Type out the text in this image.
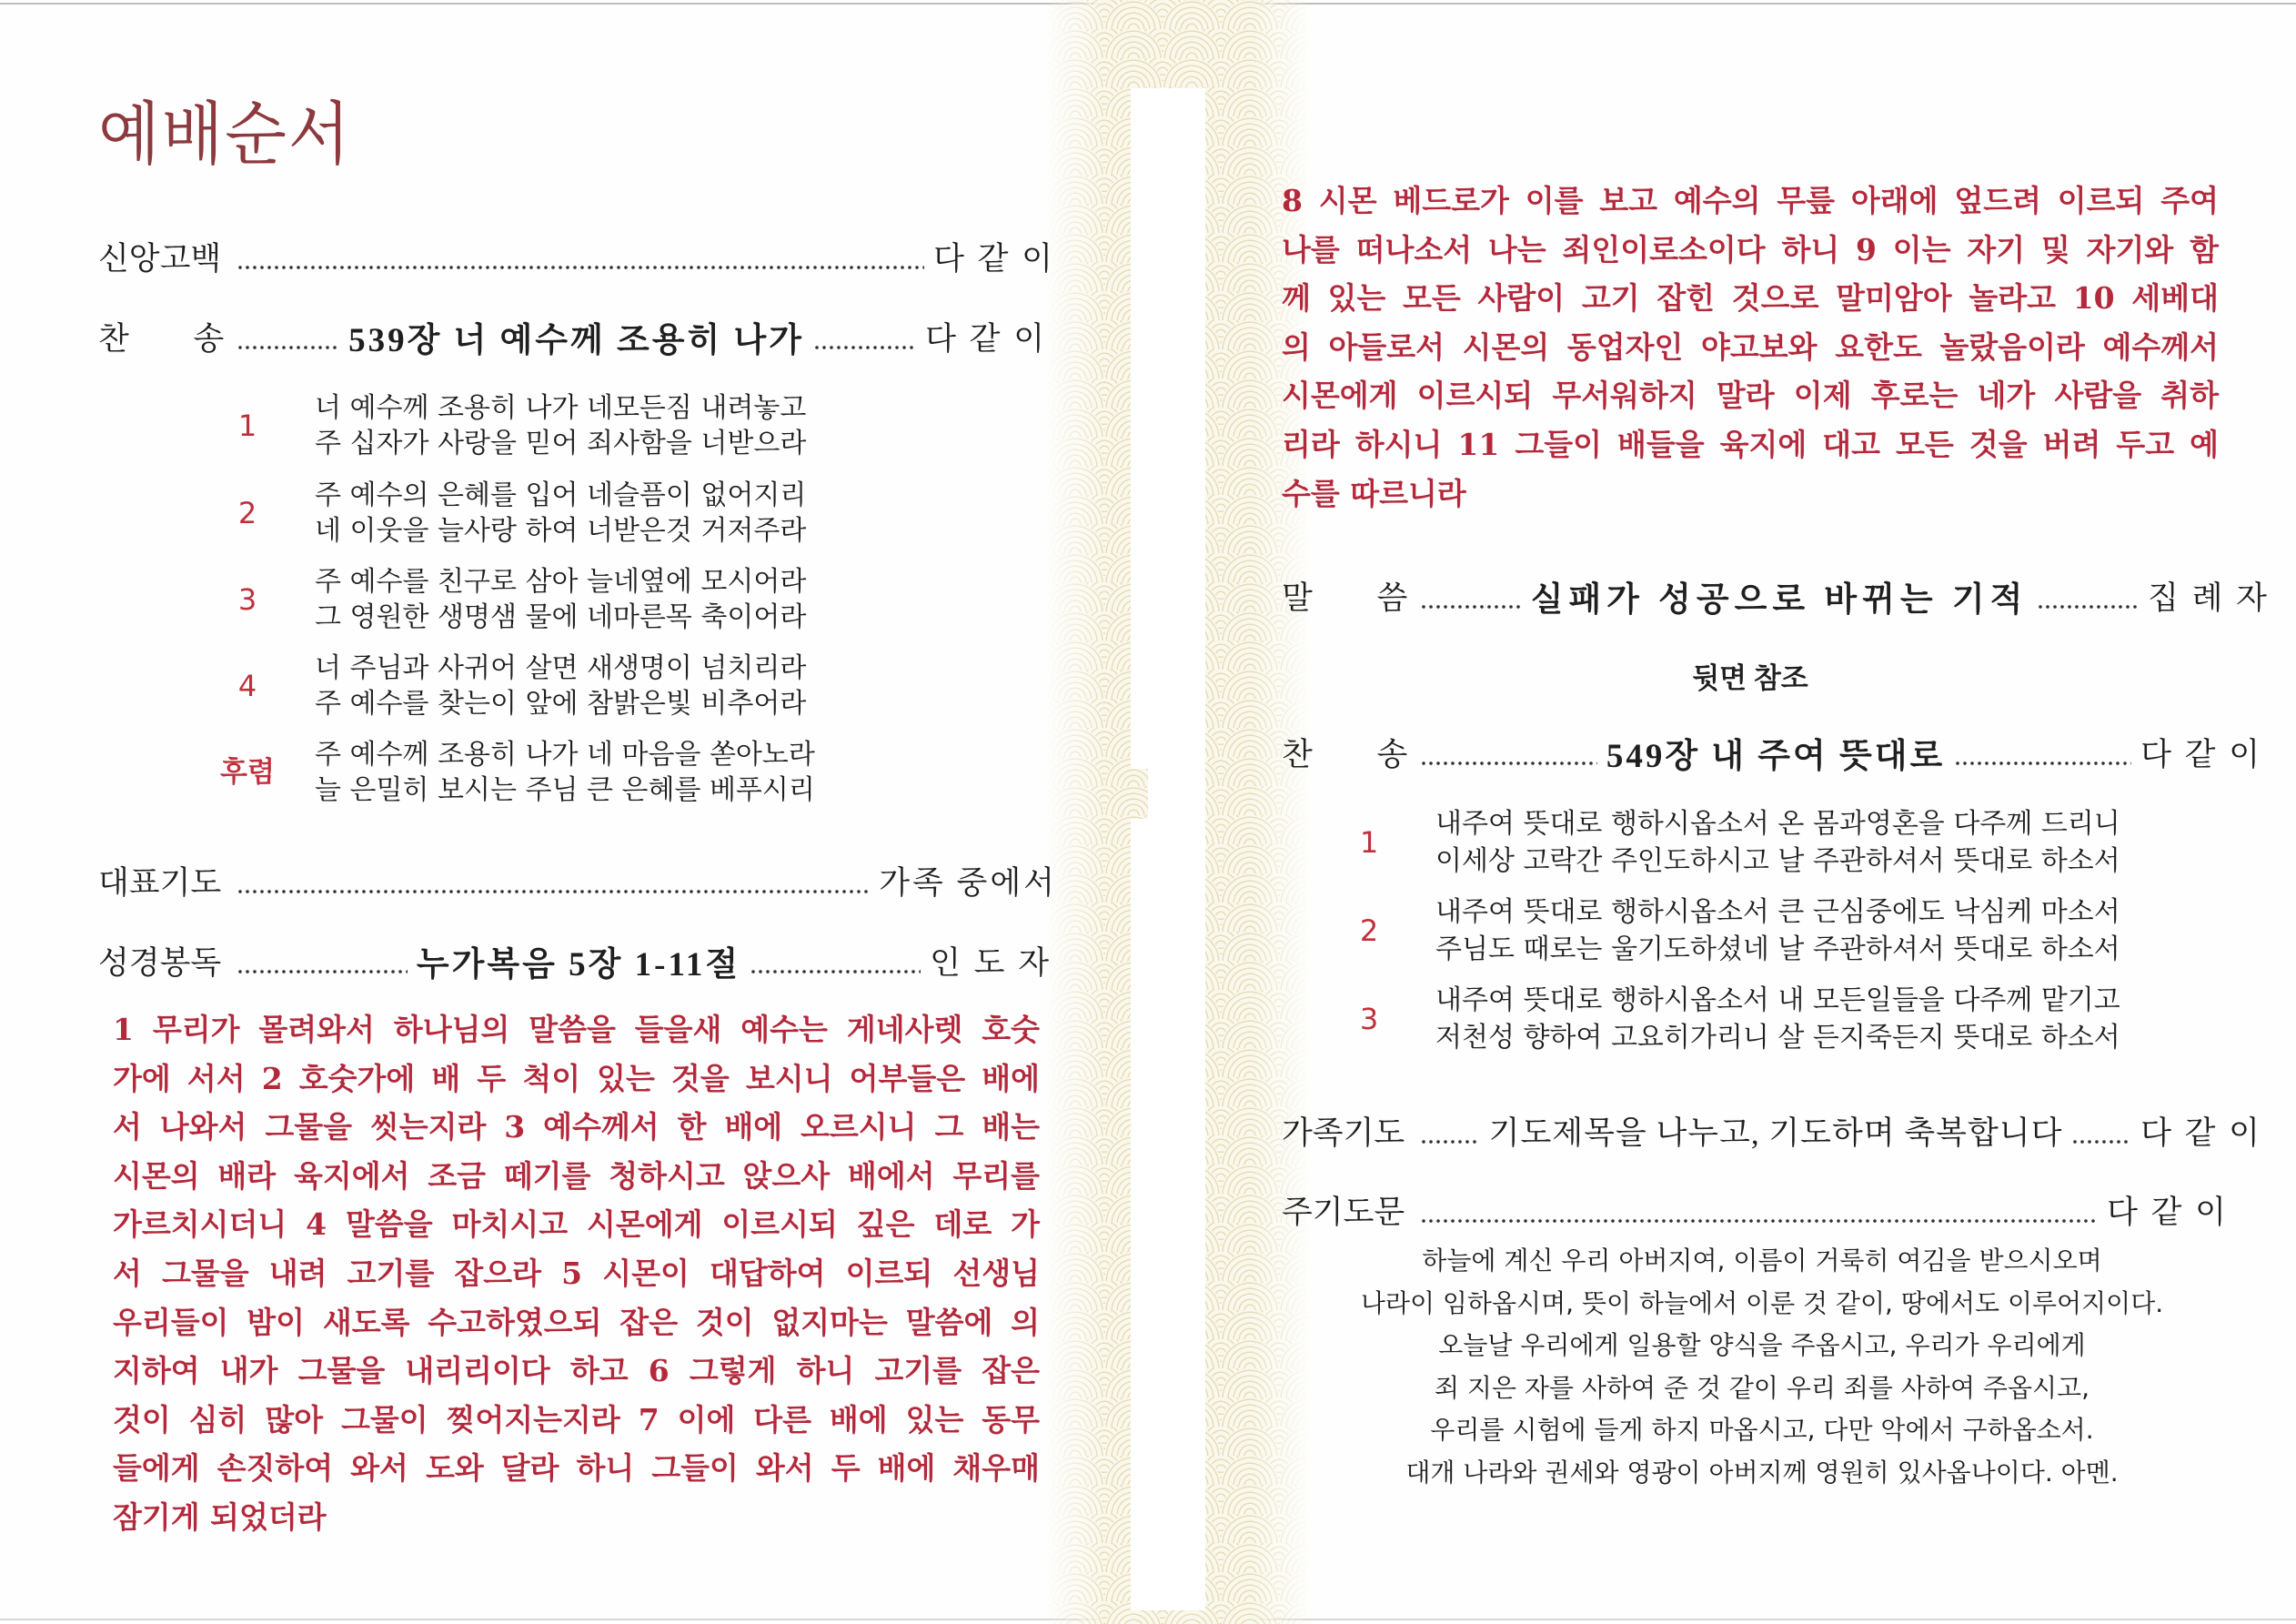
예배순서
신앙고백	다 같 이
찬 송	539장 너 예수께 조용히 나가	다 같 이
1
너 예수께 조용히 나가 네모든짐 내려놓고
주 십자가 사랑을 믿어 죄사함을 너받으라
2
주 예수의 은혜를 입어 네슬픔이 없어지리
네 이웃을 늘사랑 하여 너받은것 거저주라
3
주 예수를 친구로 삼아 늘네옆에 모시어라
그 영원한 생명샘 물에 네마른목 축이어라
4
너 주님과 사귀어 살면 새생명이 넘치리라
주 예수를 찾는이 앞에 참밝은빛 비추어라
후렴
주 예수께 조용히 나가 네 마음을 쏟아노라
늘 은밀히 보시는 주님 큰 은혜를 베푸시리
대표기도	가족 중에서
성경봉독	누가복음 5장 1-11절	인 도 자
1 무리가 몰려와서 하나님의 말씀을 들을새 예수는 게네사렛 호숫
가에 서서 2 호숫가에 배 두 척이 있는 것을 보시니 어부들은 배에
서 나와서 그물을 씻는지라 3 예수께서 한 배에 오르시니 그 배는
시몬의 배라 육지에서 조금 떼기를 청하시고 앉으사 배에서 무리를
가르치시더니 4 말씀을 마치시고 시몬에게 이르시되 깊은 데로 가
서 그물을 내려 고기를 잡으라 5 시몬이 대답하여 이르되 선생님
우리들이 밤이 새도록 수고하였으되 잡은 것이 없지마는 말씀에 의
지하여 내가 그물을 내리리이다 하고 6 그렇게 하니 고기를 잡은
것이 심히 많아 그물이 찢어지는지라 7 이에 다른 배에 있는 동무
들에게 손짓하여 와서 도와 달라 하니 그들이 와서 두 배에 채우매
잠기게 되었더라
8 시몬 베드로가 이를 보고 예수의 무릎 아래에 엎드려 이르되 주여
나를 떠나소서 나는 죄인이로소이다 하니 9 이는 자기 및 자기와 함
께 있는 모든 사람이 고기 잡힌 것으로 말미암아 놀라고 10 세베대
의 아들로서 시몬의 동업자인 야고보와 요한도 놀랐음이라 예수께서
시몬에게 이르시되 무서워하지 말라 이제 후로는 네가 사람을 취하
리라 하시니 11 그들이 배들을 육지에 대고 모든 것을 버려 두고 예
수를 따르니라
말 씀	실패가 성공으로 바뀌는 기적	집 례 자
뒷면 참조
찬 송	549장 내 주여 뜻대로	다 같 이
1
내주여 뜻대로 행하시옵소서 온 몸과영혼을 다주께 드리니
이세상 고락간 주인도하시고 날 주관하셔서 뜻대로 하소서
2
내주여 뜻대로 행하시옵소서 큰 근심중에도 낙심케 마소서
주님도 때로는 울기도하셨네 날 주관하셔서 뜻대로 하소서
3
내주여 뜻대로 행하시옵소서 내 모든일들을 다주께 맡기고
저천성 향하여 고요히가리니 살 든지죽든지 뜻대로 하소서
가족기도	기도제목을 나누고, 기도하며 축복합니다 다 같 이
주기도문	다 같 이
하늘에 계신 우리 아버지여, 이름이 거룩히 여김을 받으시오며
나라이 임하옵시며, 뜻이 하늘에서 이룬 것 같이, 땅에서도 이루어지이다.
오늘날 우리에게 일용할 양식을 주옵시고, 우리가 우리에게
죄 지은 자를 사하여 준 것 같이 우리 죄를 사하여 주옵시고,
우리를 시험에 들게 하지 마옵시고, 다만 악에서 구하옵소서.
대개 나라와 권세와 영광이 아버지께 영원히 있사옵나이다. 아멘.
